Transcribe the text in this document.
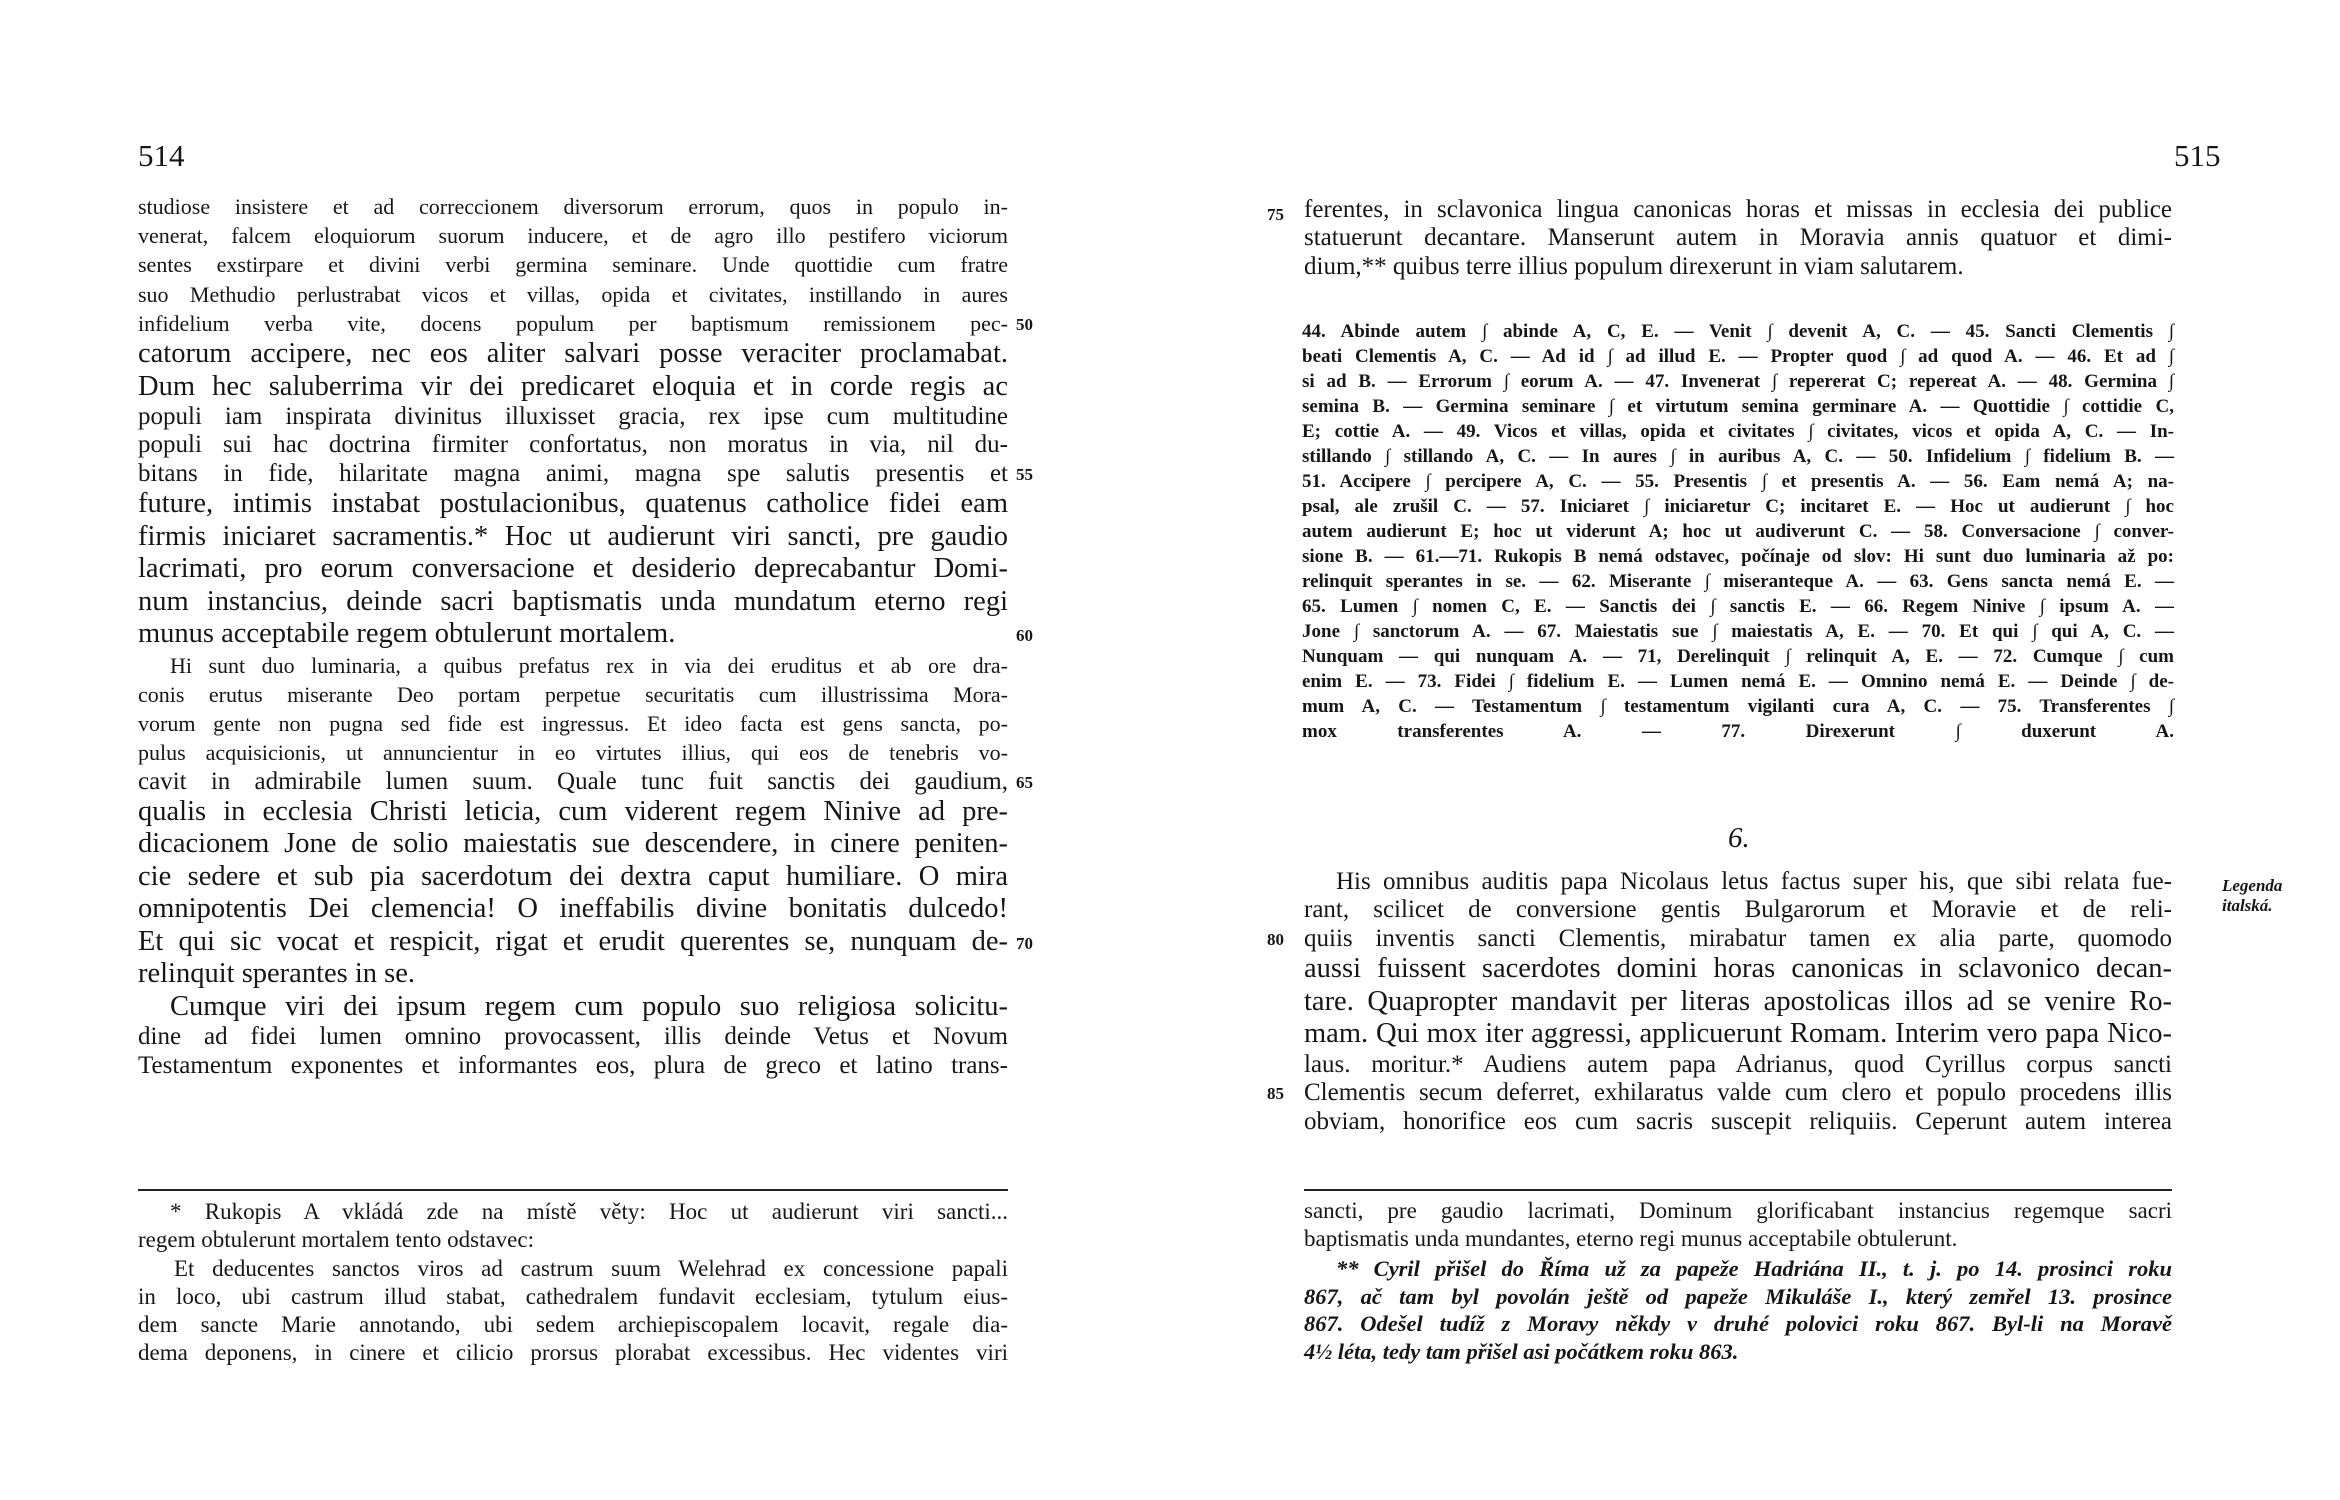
514
studiose insistere et ad correccionem diversorum errorum, quos in populo in-
venerat, falcem eloquiorum suorum inducere, et de agro illo pestifero viciorum
sentes exstirpare et divini verbi germina seminare. Unde quottidie cum fratre
suo Methudio perlustrabat vicos et villas, opida et civitates, instillando in aures
infidelium verba vite, docens populum per baptismum remissionem pec-
catorum accipere, nec eos aliter salvari posse veraciter proclamabat.
Dum hec saluberrima vir dei predicaret eloquia et in corde regis ac
populi iam inspirata divinitus illuxisset gracia, rex ipse cum multitudine
populi sui hac doctrina firmiter confortatus, non moratus in via, nil du-
bitans in fide, hilaritate magna animi, magna spe salutis presentis et
future, intimis instabat postulacionibus, quatenus catholice fidei eam
firmis iniciaret sacramentis.* Hoc ut audierunt viri sancti, pre gaudio
lacrimati, pro eorum conversacione et desiderio deprecabantur Domi-
num instancius, deinde sacri baptismatis unda mundatum eterno regi
munus acceptabile regem obtulerunt mortalem.
Hi sunt duo luminaria, a quibus prefatus rex in via dei eruditus et ab ore dra-
conis erutus miserante Deo portam perpetue securitatis cum illustrissima Mora-
vorum gente non pugna sed fide est ingressus. Et ideo facta est gens sancta, po-
pulus acquisicionis, ut annuncientur in eo virtutes illius, qui eos de tenebris vo-
cavit in admirabile lumen suum. Quale tunc fuit sanctis dei gaudium,
qualis in ecclesia Christi leticia, cum viderent regem Ninive ad pre-
dicacionem Jone de solio maiestatis sue descendere, in cinere peniten-
cie sedere et sub pia sacerdotum dei dextra caput humiliare. O mira
omnipotentis Dei clemencia! O ineffabilis divine bonitatis dulcedo!
Et qui sic vocat et respicit, rigat et erudit querentes se, nunquam de-
relinquit sperantes in se.
Cumque viri dei ipsum regem cum populo suo religiosa solicitu-
dine ad fidei lumen omnino provocassent, illis deinde Vetus et Novum
Testamentum exponentes et informantes eos, plura de greco et latino trans-
50
55
60
65
70
* Rukopis A vkládá zde na místě věty: Hoc ut audierunt viri sancti...
regem obtulerunt mortalem tento odstavec:
Et deducentes sanctos viros ad castrum suum Welehrad ex concessione papali
in loco, ubi castrum illud stabat, cathedralem fundavit ecclesiam, tytulum eius-
dem sancte Marie annotando, ubi sedem archiepiscopalem locavit, regale dia-
dema deponens, in cinere et cilicio prorsus plorabat excessibus. Hec videntes viri
515
75 ferentes, in sclavonica lingua canonicas horas et missas in ecclesia dei publice
statuerunt decantare. Manserunt autem in Moravia annis quatuor et dimi-
dium,** quibus terre illius populum direxerunt in viam salutarem.
44. Abinde autem ∫ abinde A, C, E. — Venit ∫ devenit A, C. — 45. Sancti Clementis ∫
beati Clementis A, C. — Ad id ∫ ad illud E. — Propter quod ∫ ad quod A. — 46. Et ad ∫
si ad B. — Errorum ∫ eorum A. — 47. Invenerat ∫ repererat C; repereat A. — 48. Germina ∫
semina B. — Germina seminare ∫ et virtutum semina germinare A. — Quottidie ∫ cottidie C,
E; cottie A. — 49. Vicos et villas, opida et civitates ∫ civitates, vicos et opida A, C. — In-
stillando ∫ stillando A, C. — In aures ∫ in auribus A, C. — 50. Infidelium ∫ fidelium B. —
51. Accipere ∫ percipere A, C. — 55. Presentis ∫ et presentis A. — 56. Eam nemá A; na-
psal, ale zrušil C. — 57. Iniciaret ∫ iniciaretur C; incitaret E. — Hoc ut audierunt ∫ hoc
autem audierunt E; hoc ut viderunt A; hoc ut audiverunt C. — 58. Conversacione ∫ conver-
sione B. — 61.—71. Rukopis B nemá odstavec, počínaje od slov: Hi sunt duo luminaria až po:
relinquit sperantes in se. — 62. Miserante ∫ miseranteque A. — 63. Gens sancta nemá E. —
65. Lumen ∫ nomen C, E. — Sanctis dei ∫ sanctis E. — 66. Regem Ninive ∫ ipsum A. —
Jone ∫ sanctorum A. — 67. Maiestatis sue ∫ maiestatis A, E. — 70. Et qui ∫ qui A, C. —
Nunquam — qui nunquam A. — 71, Derelinquit ∫ relinquit A, E. — 72. Cumque ∫ cum
enim E. — 73. Fidei ∫ fidelium E. — Lumen nemá E. — Omnino nemá E. — Deinde ∫ de-
mum A, C. — Testamentum ∫ testamentum vigilanti cura A, C. — 75. Transferentes ∫
mox transferentes A. — 77. Direxerunt ∫ duxerunt A.
6.
His omnibus auditis papa Nicolaus letus factus super his, que sibi relata fue-
rant, scilicet de conversione gentis Bulgarorum et Moravie et de reli-
quiis inventis sancti Clementis, mirabatur tamen ex alia parte, quomodo
aussi fuissent sacerdotes domini horas canonicas in sclavonico decan-
tare. Quapropter mandavit per literas apostolicas illos ad se venire Ro-
mam. Qui mox iter aggressi, applicuerunt Romam. Interim vero papa Nico-
laus. moritur.* Audiens autem papa Adrianus, quod Cyrillus corpus sancti
Clementis secum deferret, exhilaratus valde cum clero et populo procedens illis
obviam, honorifice eos cum sacris suscepit reliquiis. Ceperunt autem interea
80
85
Legenda
italská.
sancti, pre gaudio lacrimati, Dominum glorificabant instancius regemque sacri
baptismatis unda mundantes, eterno regi munus acceptabile obtulerunt.
** Cyril přišel do Říma už za papeže Hadriána II., t. j. po 14. prosinci roku
867, ač tam byl povolán ještě od papeže Mikuláše I., který zemřel 13. prosince
867. Odešel tudíž z Moravy někdy v druhé polovici roku 867. Byl-li na Moravě
4½ léta, tedy tam přišel asi počátkem roku 863.
